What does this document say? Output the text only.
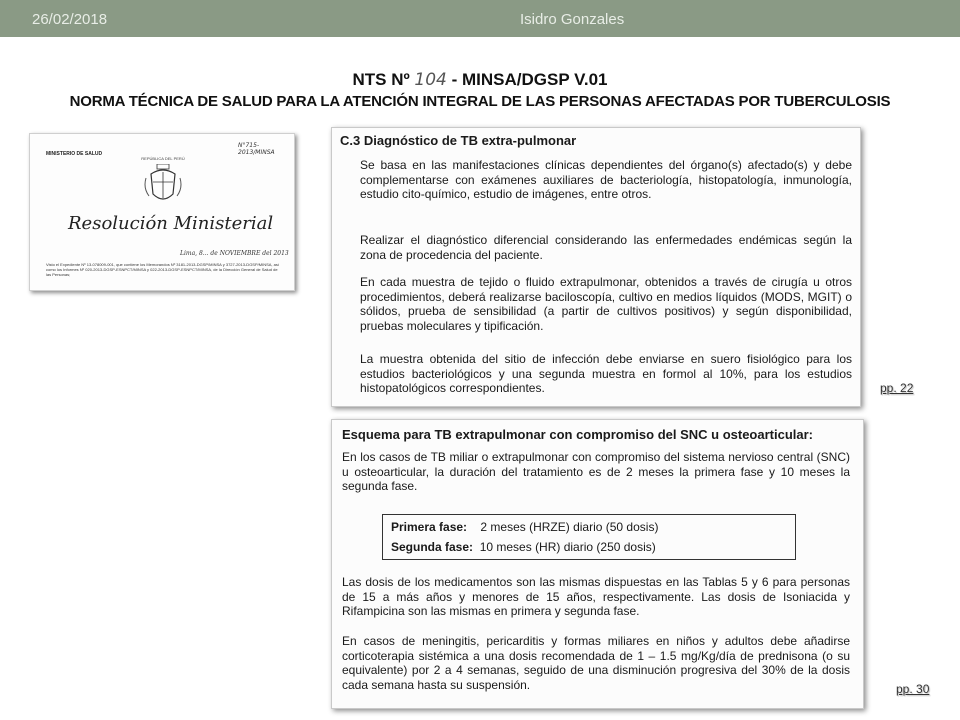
26/02/2018	Isidro Gonzales
NTS Nº 104 - MINSA/DGSP V.01
NORMA TÉCNICA DE SALUD PARA LA ATENCIÓN INTEGRAL DE LAS PERSONAS AFECTADAS POR TUBERCULOSIS
MINISTERIO DE SALUD
N°715-2013/MINSA
REPÚBLICA DEL PERÚ
Resolución Ministerial
Lima, 8... de NOVIEMBRE del 2013
Visto el Expediente Nº 13-078009-001, que contiene los Memorandos Nº 3181-2013-DGSP/MINSA y 3727-2013-DGSP/MINSA, así como los Informes Nº 020-2013-DGSP-ESNPCT/MINSA y 022-2013-DGSP-ESNPCT/MINSA, de la Dirección General de Salud de las Personas;
C.3 Diagnóstico de TB extra-pulmonar

Se basa en las manifestaciones clínicas dependientes del órgano(s) afectado(s) y debe complementarse con exámenes auxiliares de bacteriología, histopatología, inmunología, estudio cito-químico, estudio de imágenes, entre otros.

Realizar el diagnóstico diferencial considerando las enfermedades endémicas según la zona de procedencia del paciente.

En cada muestra de tejido o fluido extrapulmonar, obtenidos a través de cirugía u otros procedimientos, deberá realizarse baciloscopía, cultivo en medios líquidos (MODS, MGIT) o sólidos, prueba de sensibilidad (a partir de cultivos positivos) y según disponibilidad, pruebas moleculares y tipificación.

La muestra obtenida del sitio de infección debe enviarse en suero fisiológico para los estudios bacteriológicos y una segunda muestra en formol al 10%, para los estudios histopatológicos correspondientes.	pp. 22
Esquema para TB extrapulmonar con compromiso del SNC u osteoarticular:

En los casos de TB miliar o extrapulmonar con compromiso del sistema nervioso central (SNC) u osteoarticular, la duración del tratamiento es de 2 meses la primera fase y 10 meses la segunda fase.

Primera fase: 2 meses (HRZE) diario (50 dosis)
Segunda fase: 10 meses (HR) diario (250 dosis)

Las dosis de los medicamentos son las mismas dispuestas en las Tablas 5 y 6 para personas de 15 a más años y menores de 15 años, respectivamente. Las dosis de Isoniacida y Rifampicina son las mismas en primera y segunda fase.

En casos de meningitis, pericarditis y formas miliares en niños y adultos debe añadirse corticoterapia sistémica a una dosis recomendada de 1 – 1.5 mg/Kg/día de prednisona (o su equivalente) por 2 a 4 semanas, seguido de una disminución progresiva del 30% de la dosis cada semana hasta su suspensión.	pp. 30
